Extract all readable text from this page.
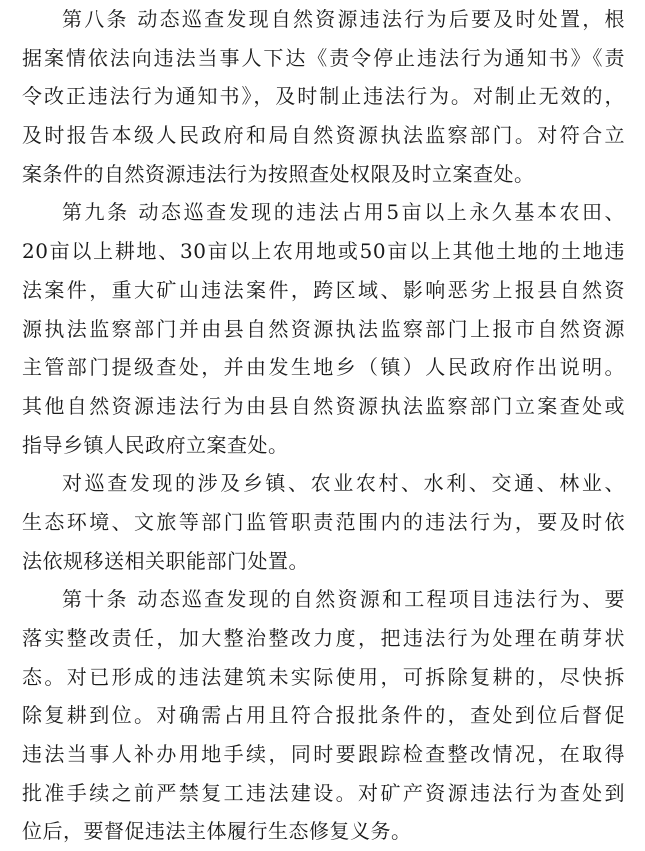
第八条 动态巡查发现自然资源违法行为后要及时处置，根
据案情依法向违法当事人下达《责令停止违法行为通知书》《责
令改正违法行为通知书》，及时制止违法行为。对制止无效的，
及时报告本级人民政府和局自然资源执法监察部门。对符合立
案条件的自然资源违法行为按照查处权限及时立案查处。
第九条 动态巡查发现的违法占用5亩以上永久基本农田、
20亩以上耕地、30亩以上农用地或50亩以上其他土地的土地违
法案件，重大矿山违法案件，跨区域、影响恶劣上报县自然资
源执法监察部门并由县自然资源执法监察部门上报市自然资源
主管部门提级查处，并由发生地乡（镇）人民政府作出说明。
其他自然资源违法行为由县自然资源执法监察部门立案查处或
指导乡镇人民政府立案查处。
对巡查发现的涉及乡镇、农业农村、水利、交通、林业、
生态环境、文旅等部门监管职责范围内的违法行为，要及时依
法依规移送相关职能部门处置。
第十条 动态巡查发现的自然资源和工程项目违法行为、要
落实整改责任，加大整治整改力度，把违法行为处理在萌芽状
态。对已形成的违法建筑未实际使用，可拆除复耕的，尽快拆
除复耕到位。对确需占用且符合报批条件的，查处到位后督促
违法当事人补办用地手续，同时要跟踪检查整改情况，在取得
批准手续之前严禁复工违法建设。对矿产资源违法行为查处到
位后，要督促违法主体履行生态修复义务。
